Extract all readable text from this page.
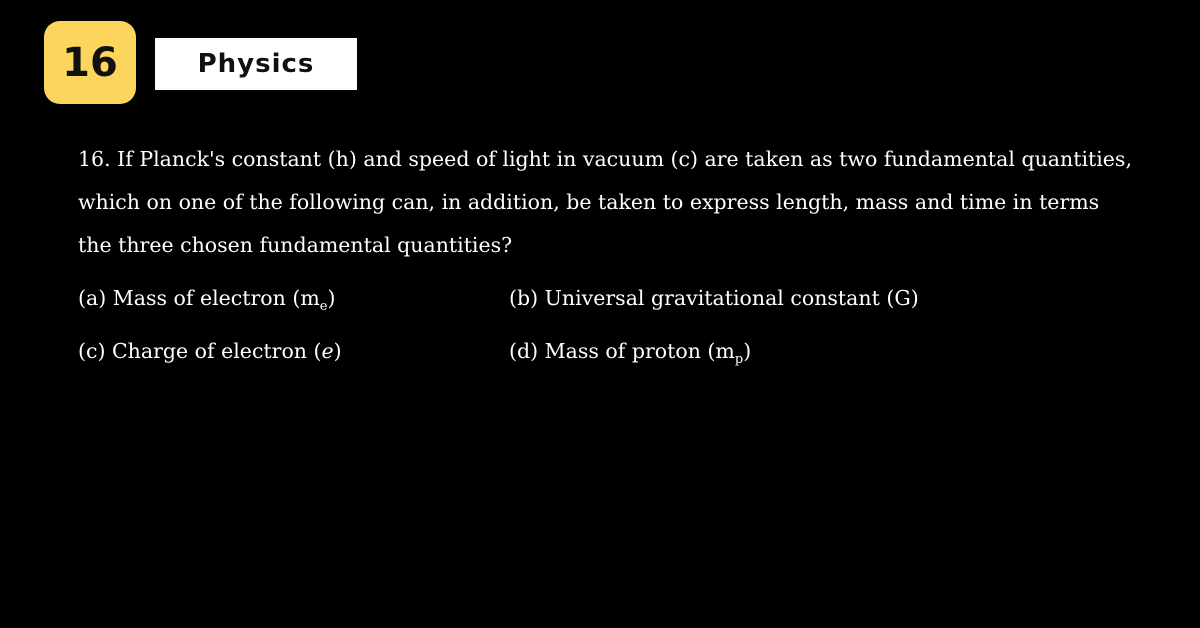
16	Physics

16. If Planck's constant (h) and speed of light in vacuum (c) are taken as two fundamental quantities, which on one of the following can, in addition, be taken to express length, mass and time in terms the three chosen fundamental quantities?

(a) Mass of electron $(m_e)$	(b) Universal gravitational constant (G)
(c) Charge of electron (e)	(d) Mass of proton $(m_p)$
